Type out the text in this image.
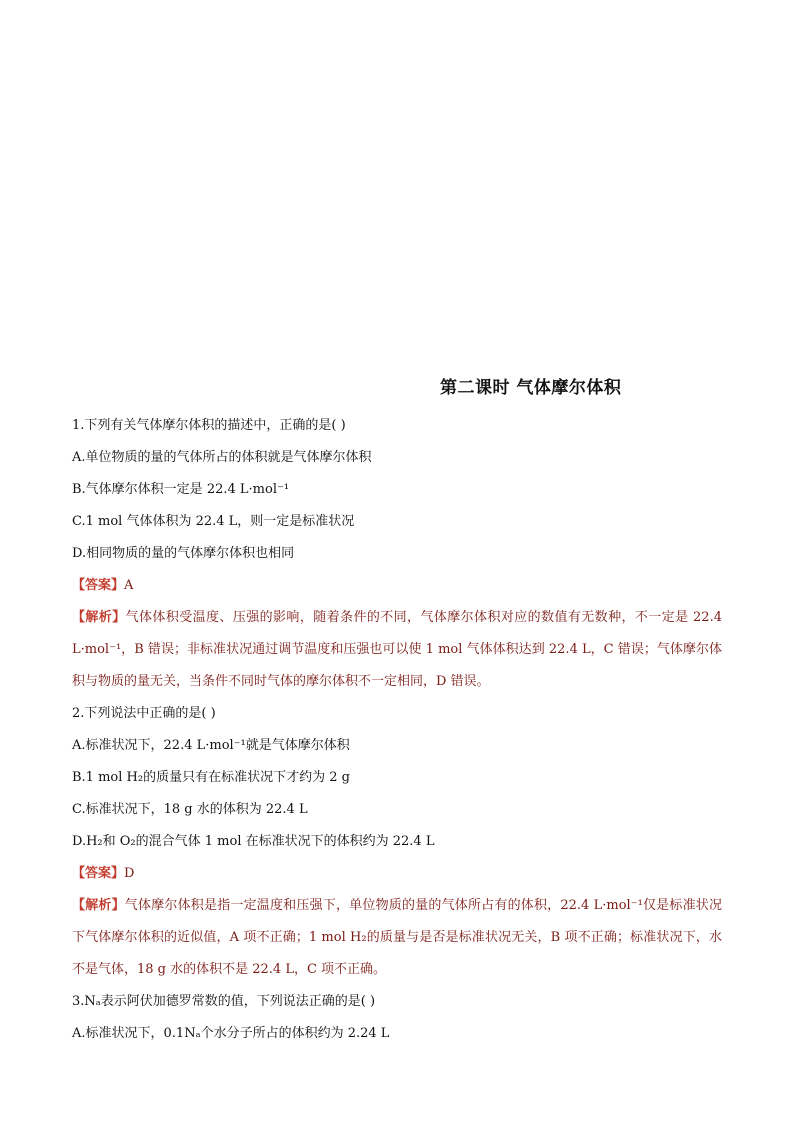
第二课时 气体摩尔体积

1.下列有关气体摩尔体积的描述中，正确的是( )

A.单位物质的量的气体所占的体积就是气体摩尔体积

B.气体摩尔体积一定是 22.4 L·mol⁻¹

C.1 mol 气体体积为 22.4 L，则一定是标准状况

D.相同物质的量的气体摩尔体积也相同

【答案】A

【解析】气体体积受温度、压强的影响，随着条件的不同，气体摩尔体积对应的数值有无数种，不一定是 22.4 L·mol⁻¹，B 错误；非标准状况通过调节温度和压强也可以使 1 mol 气体体积达到 22.4 L，C 错误；气体摩尔体积与物质的量无关，当条件不同时气体的摩尔体积不一定相同，D 错误。

2.下列说法中正确的是( )

A.标准状况下，22.4 L·mol⁻¹就是气体摩尔体积

B.1 mol H₂的质量只有在标准状况下才约为 2 g

C.标准状况下，18 g 水的体积为 22.4 L

D.H₂和 O₂的混合气体 1 mol 在标准状况下的体积约为 22.4 L

【答案】D

【解析】气体摩尔体积是指一定温度和压强下，单位物质的量的气体所占有的体积，22.4 L·mol⁻¹仅是标准状况下气体摩尔体积的近似值，A 项不正确；1 mol H₂的质量与是否是标准状况无关，B 项不正确；标准状况下，水不是气体，18 g 水的体积不是 22.4 L，C 项不正确。

3.Nₐ表示阿伏加德罗常数的值，下列说法正确的是( )

A.标准状况下，0.1Nₐ个水分子所占的体积约为 2.24 L
